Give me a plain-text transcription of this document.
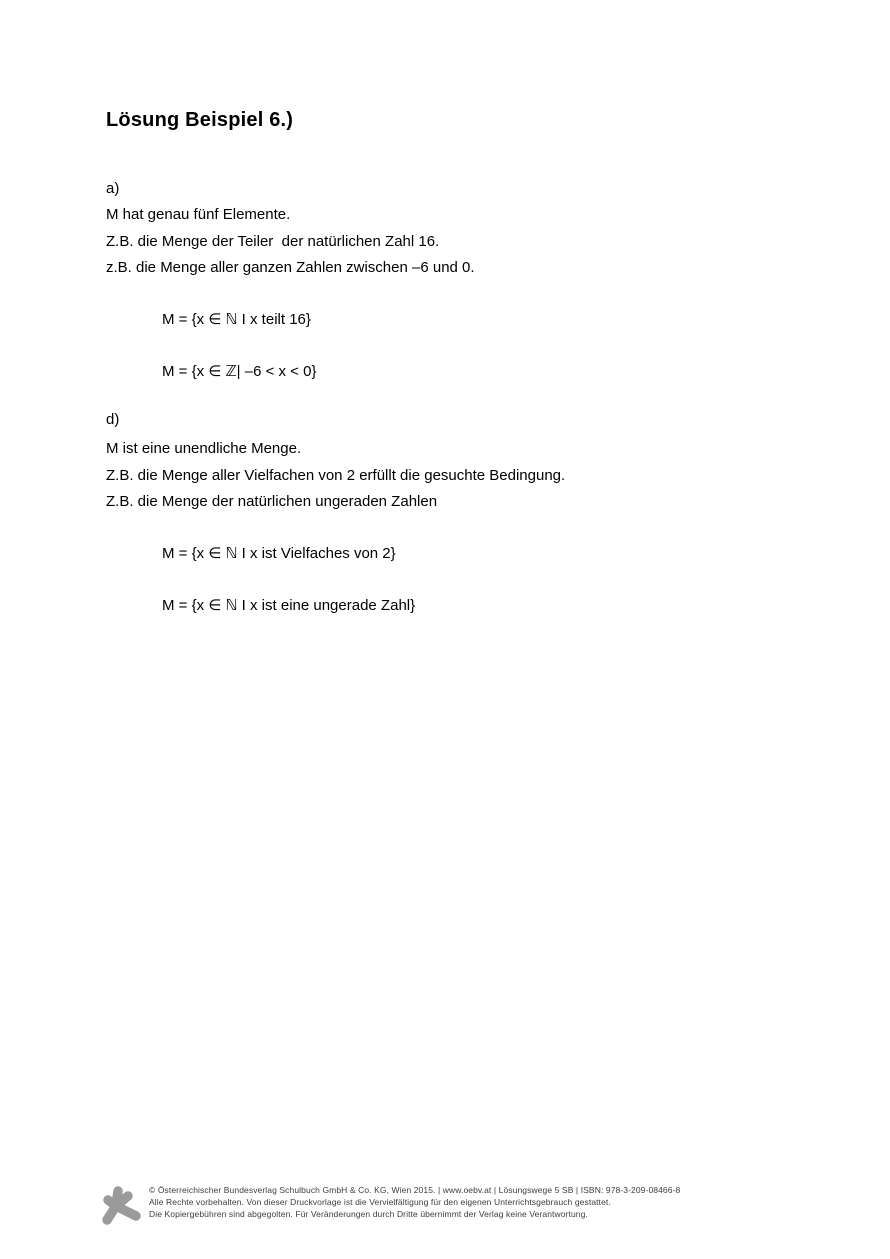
Lösung Beispiel 6.)
a)
M hat genau fünf Elemente.
Z.B. die Menge der Teiler  der natürlichen Zahl 16.
z.B. die Menge aller ganzen Zahlen zwischen –6 und 0.
M = {x ∈ ℕ I x teilt 16}
M = {x ∈ ℤ| –6 < x < 0}
d)
M ist eine unendliche Menge.
Z.B. die Menge aller Vielfachen von 2 erfüllt die gesuchte Bedingung.
Z.B. die Menge der natürlichen ungeraden Zahlen
M = {x ∈ ℕ I x ist Vielfaches von 2}
M = {x ∈ ℕ I x ist eine ungerade Zahl}
© Österreichischer Bundesverlag Schulbuch GmbH & Co. KG, Wien 2015. | www.oebv.at | Lösungswege 5 SB | ISBN: 978-3-209-08466-8
Alle Rechte vorbehalten. Von dieser Druckvorlage ist die Vervielfältigung für den eigenen Unterrichtsgebrauch gestattet.
Die Kopiergebühren sind abgegolten. Für Veränderungen durch Dritte übernimmt der Verlag keine Verantwortung.
